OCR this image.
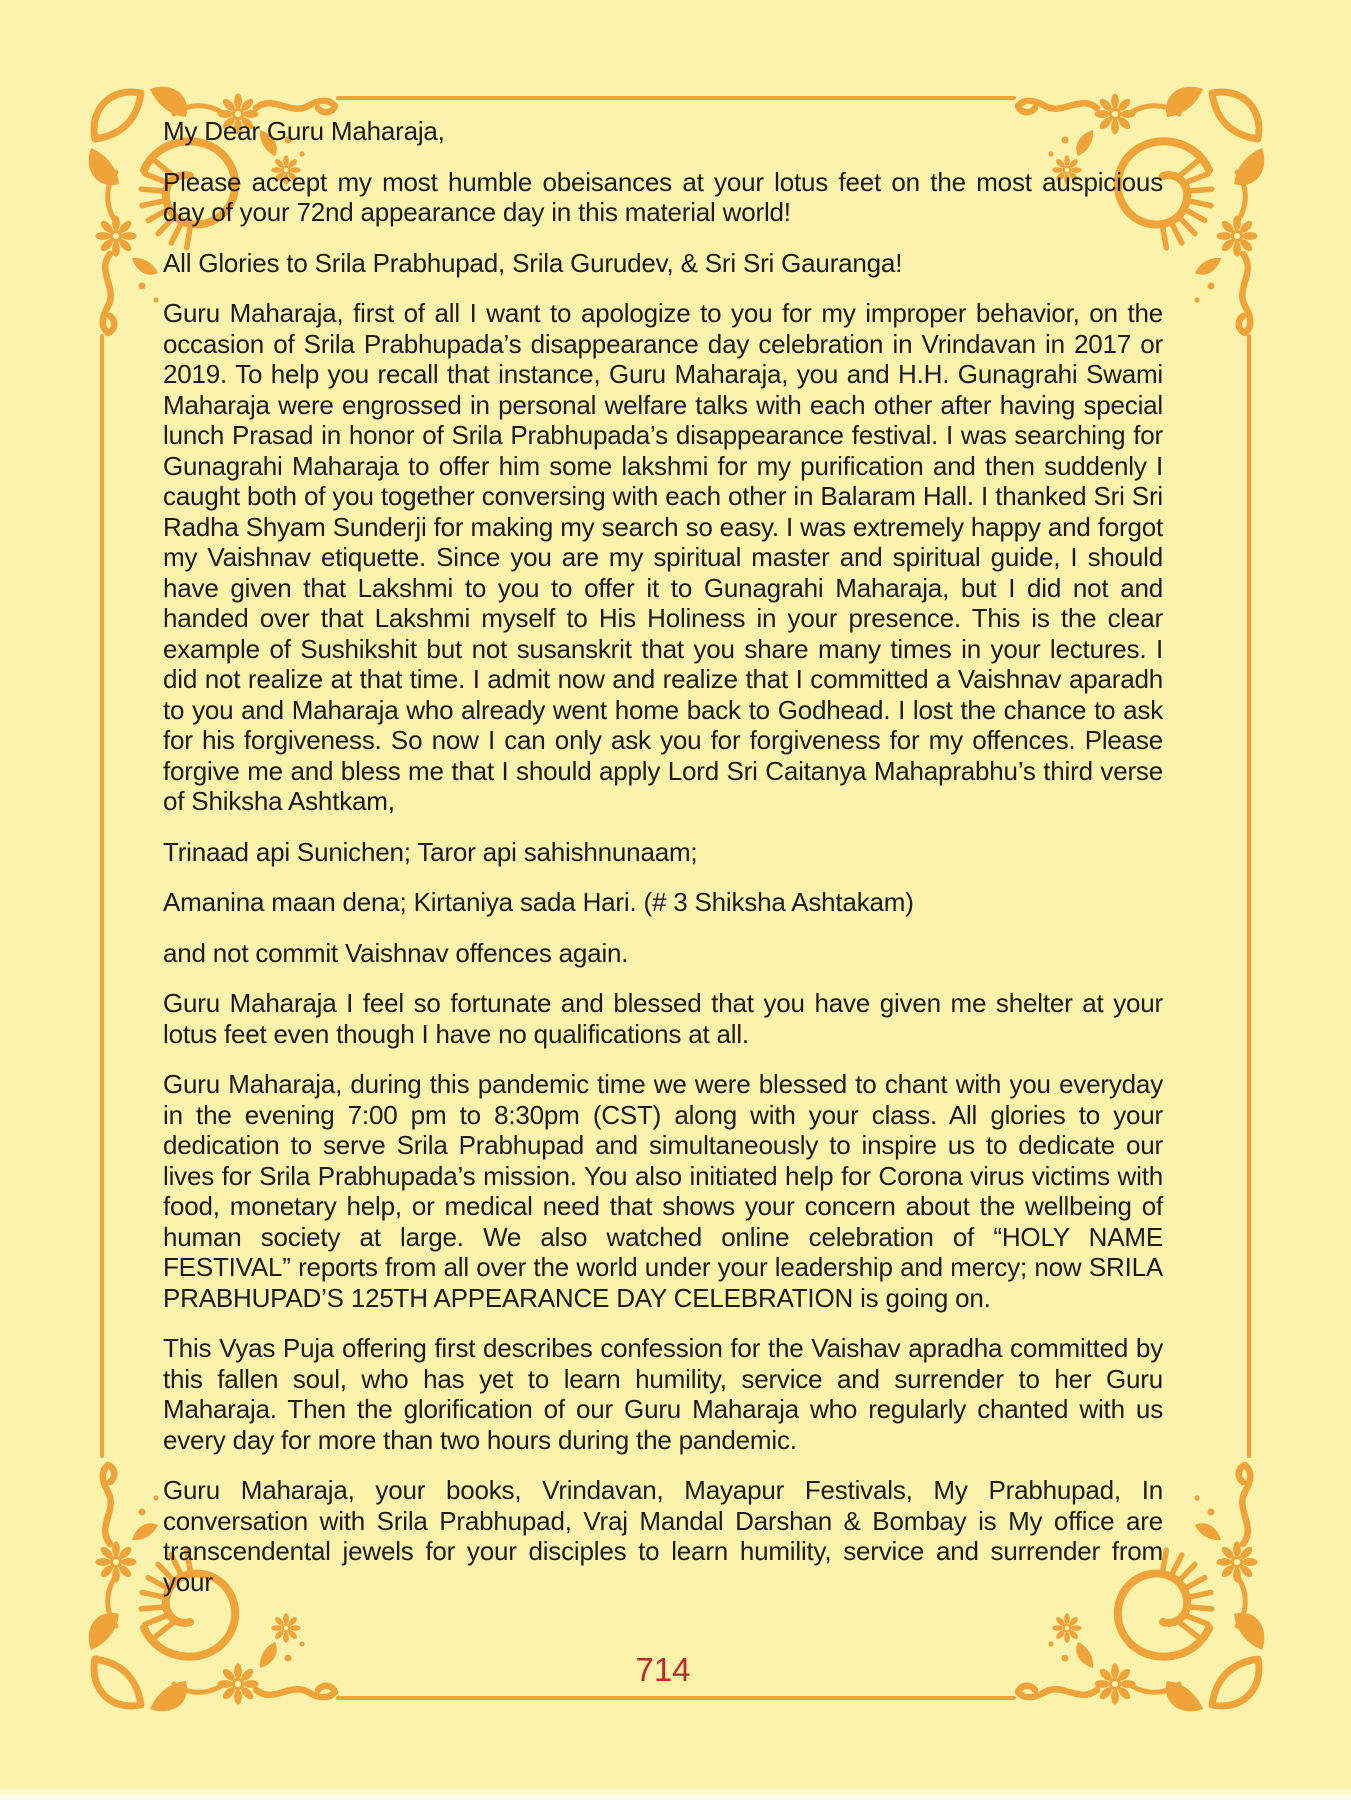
My Dear Guru Maharaja,

Please accept my most humble obeisances at your lotus feet on the most auspicious day of your 72nd appearance day in this material world!

All Glories to Srila Prabhupad, Srila Gurudev, & Sri Sri Gauranga!

Guru Maharaja, first of all I want to apologize to you for my improper behavior, on the occasion of Srila Prabhupada’s disappearance day celebration in Vrindavan in 2017 or 2019. To help you recall that instance, Guru Maharaja, you and H.H. Gunagrahi Swami Maharaja were engrossed in personal welfare talks with each other after having special lunch Prasad in honor of Srila Prabhupada’s disappearance festival. I was searching for Gunagrahi Maharaja to offer him some lakshmi for my purification and then suddenly I caught both of you together conversing with each other in Balaram Hall. I thanked Sri Sri Radha Shyam Sunderji for making my search so easy. I was extremely happy and forgot my Vaishnav etiquette. Since you are my spiritual master and spiritual guide, I should have given that Lakshmi to you to offer it to Gunagrahi Maharaja, but I did not and handed over that Lakshmi myself to His Holiness in your presence. This is the clear example of Sushikshit but not susanskrit that you share many times in your lectures. I did not realize at that time. I admit now and realize that I committed a Vaishnav aparadh to you and Maharaja who already went home back to Godhead. I lost the chance to ask for his forgiveness. So now I can only ask you for forgiveness for my offences. Please forgive me and bless me that I should apply Lord Sri Caitanya Mahaprabhu’s third verse of Shiksha Ashtkam,

Trinaad api Sunichen; Taror api sahishnunaam;

Amanina maan dena; Kirtaniya sada Hari. (# 3 Shiksha Ashtakam)

and not commit Vaishnav offences again.

Guru Maharaja I feel so fortunate and blessed that you have given me shelter at your lotus feet even though I have no qualifications at all.

Guru Maharaja, during this pandemic time we were blessed to chant with you everyday in the evening 7:00 pm to 8:30pm (CST) along with your class. All glories to your dedication to serve Srila Prabhupad and simultaneously to inspire us to dedicate our lives for Srila Prabhupada’s mission. You also initiated help for Corona virus victims with food, monetary help, or medical need that shows your concern about the wellbeing of human society at large. We also watched online celebration of “HOLY NAME FESTIVAL” reports from all over the world under your leadership and mercy; now SRILA PRABHUPAD’S 125TH APPEARANCE DAY CELEBRATION is going on.

This Vyas Puja offering first describes confession for the Vaishav apradha committed by this fallen soul, who has yet to learn humility, service and surrender to her Guru Maharaja. Then the glorification of our Guru Maharaja who regularly chanted with us every day for more than two hours during the pandemic.

Guru Maharaja, your books, Vrindavan, Mayapur Festivals, My Prabhupad, In conversation with Srila Prabhupad, Vraj Mandal Darshan & Bombay is My office are transcendental jewels for your disciples to learn humility, service and surrender from your

714
